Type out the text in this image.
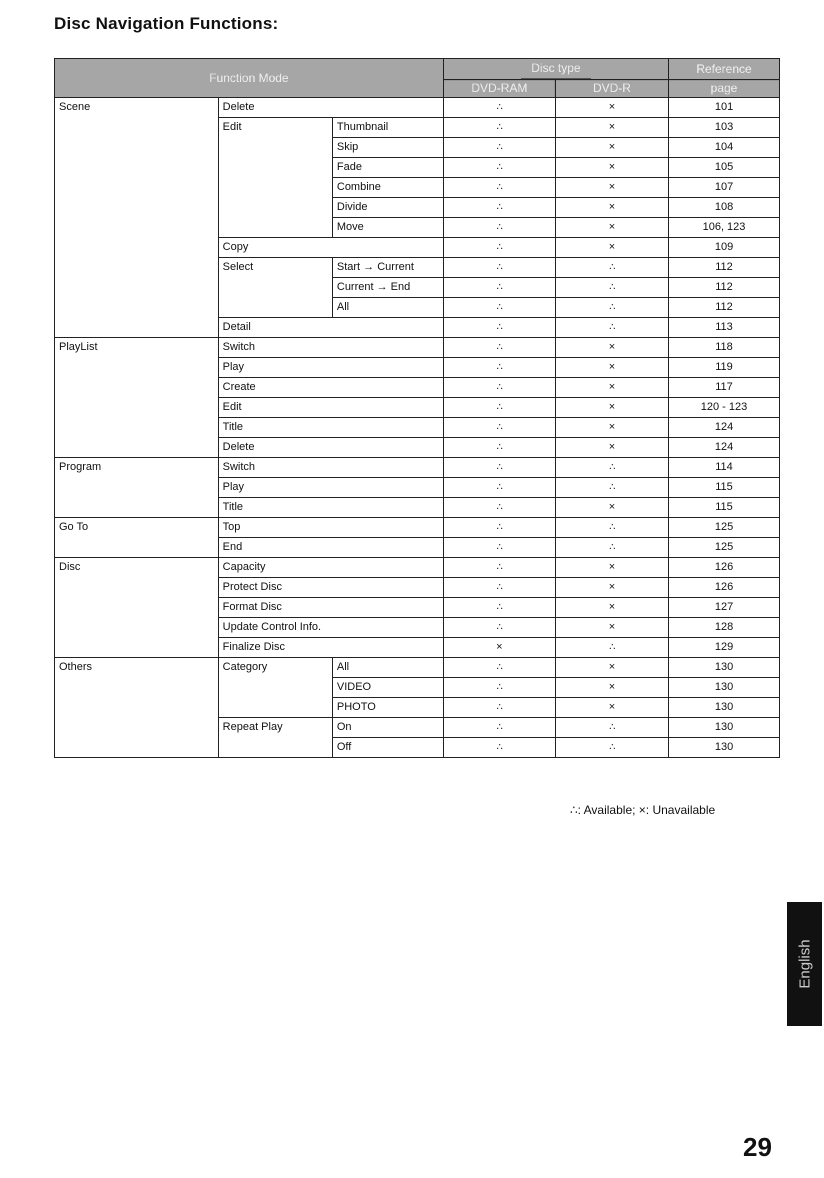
Disc Navigation Functions:
Function Mode			Disc type		Reference
			DVD-RAM	DVD-R	page
Scene	Delete		∴	×	101
	Edit	Thumbnail	∴	×	103
		Skip	∴	×	104
		Fade	∴	×	105
		Combine	∴	×	107
		Divide	∴	×	108
		Move	∴	×	106, 123
	Copy		∴	×	109
	Select	Start → Current	∴	∴	112
		Current → End	∴	∴	112
		All	∴	∴	112
	Detail		∴	∴	113
PlayList	Switch		∴	×	118
	Play		∴	×	119
	Create		∴	×	117
	Edit		∴	×	120 - 123
	Title		∴	×	124
	Delete		∴	×	124
Program	Switch		∴	∴	114
	Play		∴	∴	115
	Title		∴	×	115
Go To	Top		∴	∴	125
	End		∴	∴	125
Disc	Capacity		∴	×	126
	Protect Disc		∴	×	126
	Format Disc		∴	×	127
	Update Control Info.		∴	×	128
	Finalize Disc		×	∴	129
Others	Category	All	∴	×	130
		VIDEO	∴	×	130
		PHOTO	∴	×	130
	Repeat Play	On	∴	∴	130
		Off	∴	∴	130
∴: Available; ×: Unavailable
English
29
